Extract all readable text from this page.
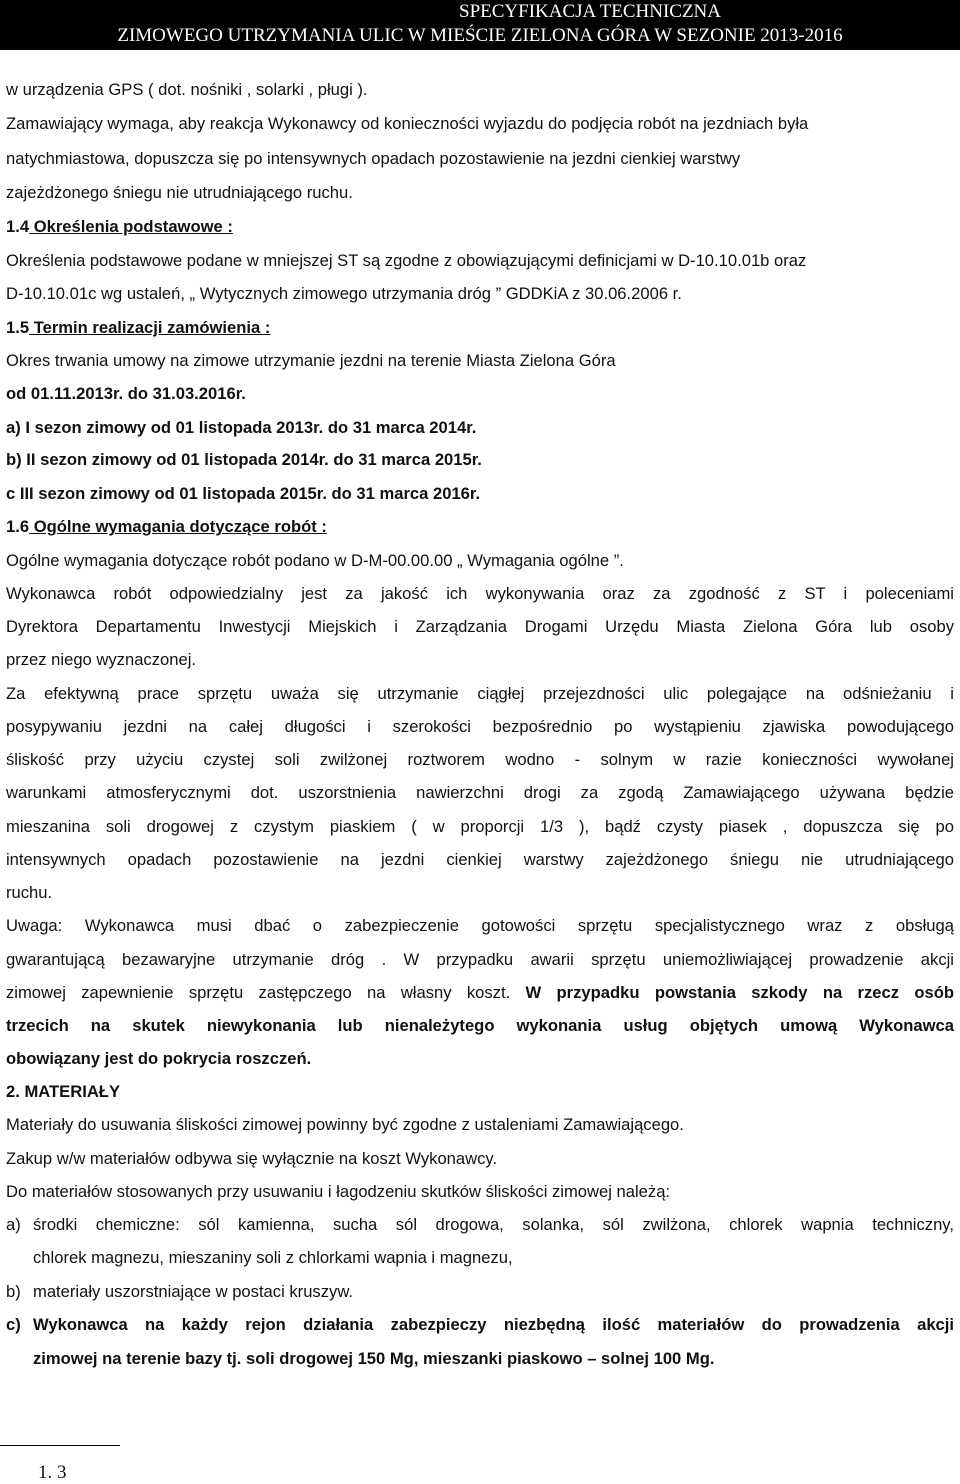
SPECYFIKACJA TECHNICZNA
ZIMOWEGO UTRZYMANIA ULIC W MIEŚCIE ZIELONA GÓRA W SEZONIE 2013-2016
w urządzenia GPS ( dot. nośniki , solarki , pługi ).
Zamawiający wymaga, aby reakcja Wykonawcy od konieczności wyjazdu do podjęcia robót na jezdniach była
natychmiastowa, dopuszcza się po intensywnych opadach pozostawienie na jezdni cienkiej warstwy
zajeżdżonego śniegu nie utrudniającego ruchu.
1.4 Określenia podstawowe :
Określenia podstawowe podane w mniejszej ST są zgodne z obowiązującymi definicjami w D-10.10.01b oraz
D-10.10.01c wg ustaleń, „ Wytycznych zimowego utrzymania dróg ” GDDKiA z 30.06.2006 r.
1.5 Termin realizacji zamówienia :
Okres trwania umowy na zimowe utrzymanie jezdni na terenie Miasta Zielona Góra
od 01.11.2013r. do 31.03.2016r.
a) I sezon zimowy od 01 listopada 2013r. do 31 marca 2014r.
b) II sezon zimowy od 01 listopada 2014r. do 31 marca 2015r.
c III sezon zimowy od 01 listopada 2015r. do 31 marca 2016r.
1.6 Ogólne wymagania dotyczące robót :
Ogólne wymagania dotyczące robót podano w D-M-00.00.00 „ Wymagania ogólne ”.
Wykonawca robót odpowiedzialny jest za jakość ich wykonywania oraz za zgodność z ST i poleceniami
Dyrektora Departamentu Inwestycji Miejskich i Zarządzania Drogami Urzędu Miasta Zielona Góra lub osoby
przez niego wyznaczonej.
Za efektywną prace sprzętu uważa się utrzymanie ciągłej przejezdności ulic polegające na odśnieżaniu i
posypywaniu jezdni na całej długości i szerokości bezpośrednio po wystąpieniu zjawiska powodującego
śliskość przy użyciu czystej soli zwilżonej roztworem wodno - solnym w razie konieczności wywołanej
warunkami atmosferycznymi dot. uszorstnienia nawierzchni drogi za zgodą Zamawiającego używana będzie
mieszanina soli drogowej z czystym piaskiem ( w proporcji 1/3 ), bądź czysty piasek , dopuszcza się po
intensywnych opadach pozostawienie na jezdni cienkiej warstwy zajeżdżonego śniegu nie utrudniającego
ruchu.
Uwaga: Wykonawca musi dbać o zabezpieczenie gotowości sprzętu specjalistycznego wraz z obsługą
gwarantującą bezawaryjne utrzymanie dróg . W przypadku awarii sprzętu uniemożliwiającej prowadzenie akcji
zimowej zapewnienie sprzętu zastępczego na własny koszt. W przypadku powstania szkody na rzecz osób
trzecich na skutek niewykonania lub nienależytego wykonania usług objętych umową Wykonawca
obowiązany jest do pokrycia roszczeń.
2. MATERIAŁY
Materiały do usuwania śliskości zimowej powinny być zgodne z ustaleniami Zamawiającego.
Zakup w/w materiałów odbywa się wyłącznie na koszt Wykonawcy.
Do materiałów stosowanych przy usuwaniu i łagodzeniu skutków śliskości zimowej należą:
a) środki chemiczne: sól kamienna, sucha sól drogowa, solanka, sól zwilżona, chlorek wapnia techniczny,
chlorek magnezu, mieszaniny soli z chlorkami wapnia i magnezu,
b) materiały uszorstniające w postaci kruszyw.
c) Wykonawca na każdy rejon działania zabezpieczy niezbędną ilość materiałów do prowadzenia akcji
zimowej na terenie bazy tj. soli drogowej 150 Mg, mieszanki piaskowo – solnej 100 Mg.
1. 3
